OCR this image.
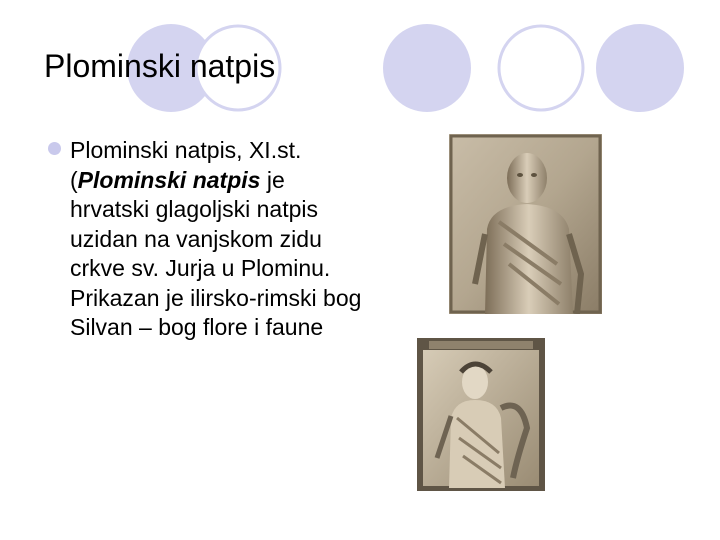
Plominski natpis
Plominski natpis, XI.st.
(Plominski natpis je hrvatski glagoljski natpis uzidan na vanjskom zidu crkve sv. Jurja u Plominu. Prikazan je ilirsko-rimski bog Silvan – bog flore i faune
